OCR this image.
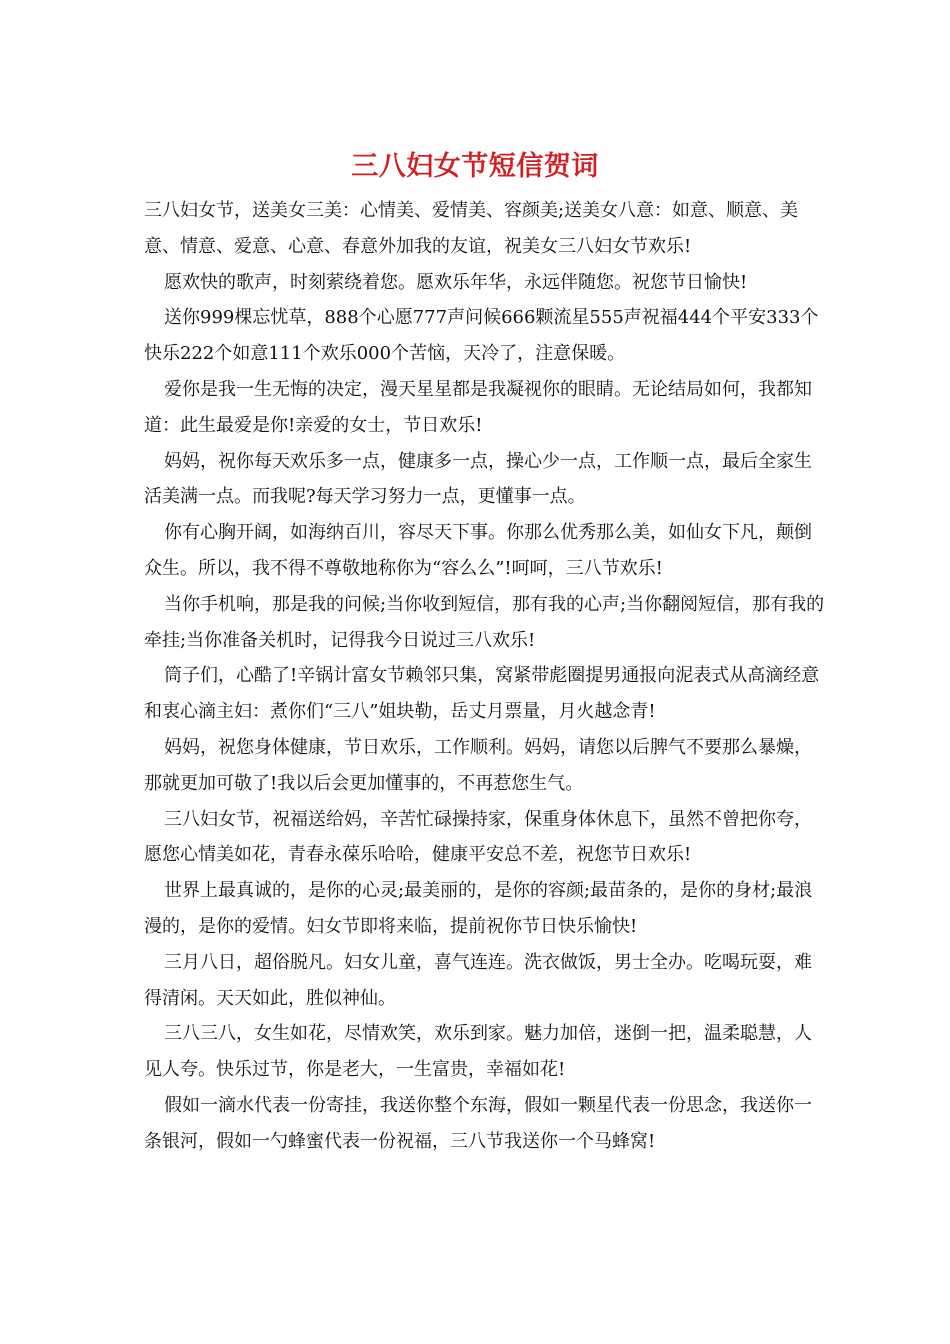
三八妇女节短信贺词

三八妇女节，送美女三美：心情美、爱情美、容颜美;送美女八意：如意、顺意、美意、情意、爱意、心意、春意外加我的友谊，祝美女三八妇女节欢乐!

愿欢快的歌声，时刻萦绕着您。愿欢乐年华，永远伴随您。祝您节日愉快!

送你999棵忘忧草，888个心愿777声问候666颗流星555声祝福444个平安333个快乐222个如意111个欢乐000个苦恼，天冷了，注意保暖。

爱你是我一生无悔的决定，漫天星星都是我凝视你的眼睛。无论结局如何，我都知道：此生最爱是你!亲爱的女士，节日欢乐!

妈妈，祝你每天欢乐多一点，健康多一点，操心少一点，工作顺一点，最后全家生活美满一点。而我呢?每天学习努力一点，更懂事一点。

你有心胸开阔，如海纳百川，容尽天下事。你那么优秀那么美，如仙女下凡，颠倒众生。所以，我不得不尊敬地称你为“容么么”!呵呵，三八节欢乐!

当你手机响，那是我的问候;当你收到短信，那有我的心声;当你翻阅短信，那有我的牵挂;当你准备关机时，记得我今日说过三八欢乐!

筒子们，心酷了!辛锅计富女节赖邻只集，窝紧带彪圈提男通报向泥表式从高滴经意和衷心滴主妇：煮你们“三八”姐块勒，岳丈月票量，月火越念青!

妈妈，祝您身体健康，节日欢乐，工作顺利。妈妈，请您以后脾气不要那么暴燥，那就更加可敬了!我以后会更加懂事的，不再惹您生气。

三八妇女节，祝福送给妈，辛苦忙碌操持家，保重身体休息下，虽然不曾把你夸，愿您心情美如花，青春永葆乐哈哈，健康平安总不差，祝您节日欢乐!

世界上最真诚的，是你的心灵;最美丽的，是你的容颜;最苗条的，是你的身材;最浪漫的，是你的爱情。妇女节即将来临，提前祝你节日快乐愉快!

三月八日，超俗脱凡。妇女儿童，喜气连连。洗衣做饭，男士全办。吃喝玩耍，难得清闲。天天如此，胜似神仙。

三八三八，女生如花，尽情欢笑，欢乐到家。魅力加倍，迷倒一把，温柔聪慧，人见人夸。快乐过节，你是老大，一生富贵，幸福如花!

假如一滴水代表一份寄挂，我送你整个东海，假如一颗星代表一份思念，我送你一条银河，假如一勺蜂蜜代表一份祝福，三八节我送你一个马蜂窝!
